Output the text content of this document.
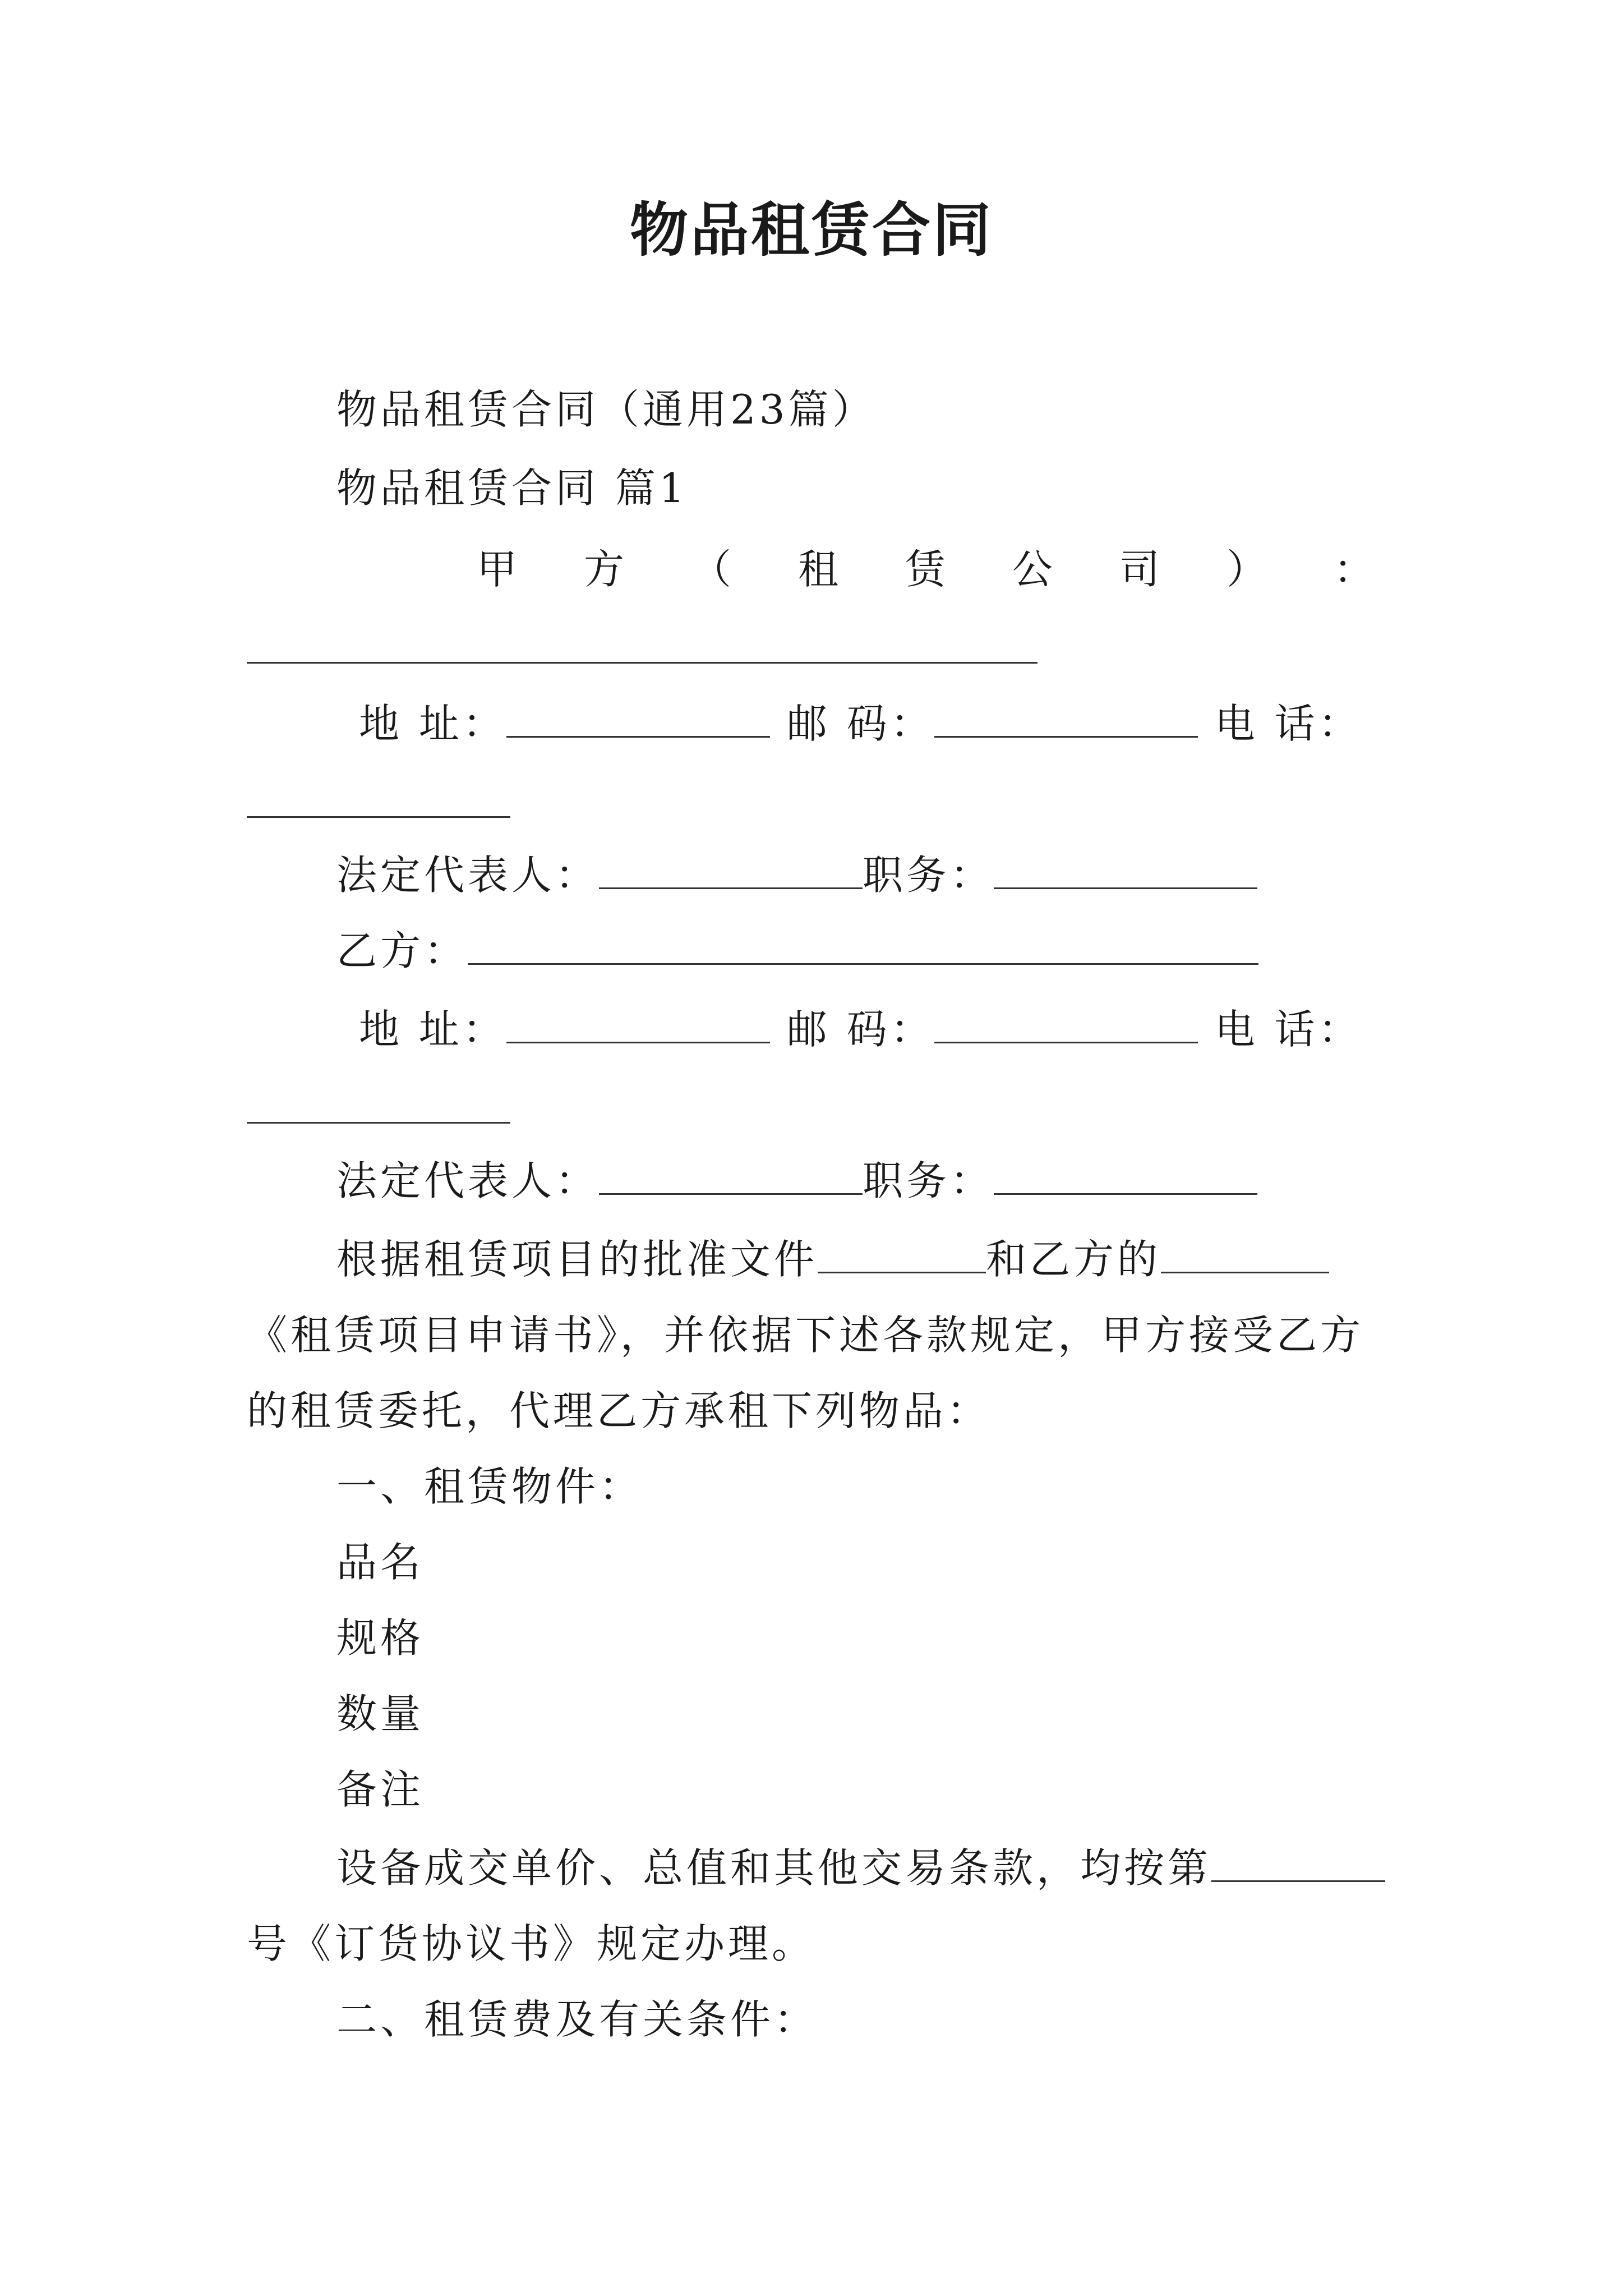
物品租赁合同
物品租赁合同（通用23篇）
物品租赁合同 篇1
甲 方 （ 租 赁 公 司 ） ：
地 址：	邮 码：	电 话：
法定代表人：	职务：
乙方：
地 址：	邮 码：	电 话：
法定代表人：	职务：
根据租赁项目的批准文件	和乙方的
《租赁项目申请书》，并依据下述各款规定，甲方接受乙方
的租赁委托，代理乙方承租下列物品：
一、租赁物件：
品名
规格
数量
备注
设备成交单价、总值和其他交易条款，均按第
号《订货协议书》规定办理。
二、租赁费及有关条件：
